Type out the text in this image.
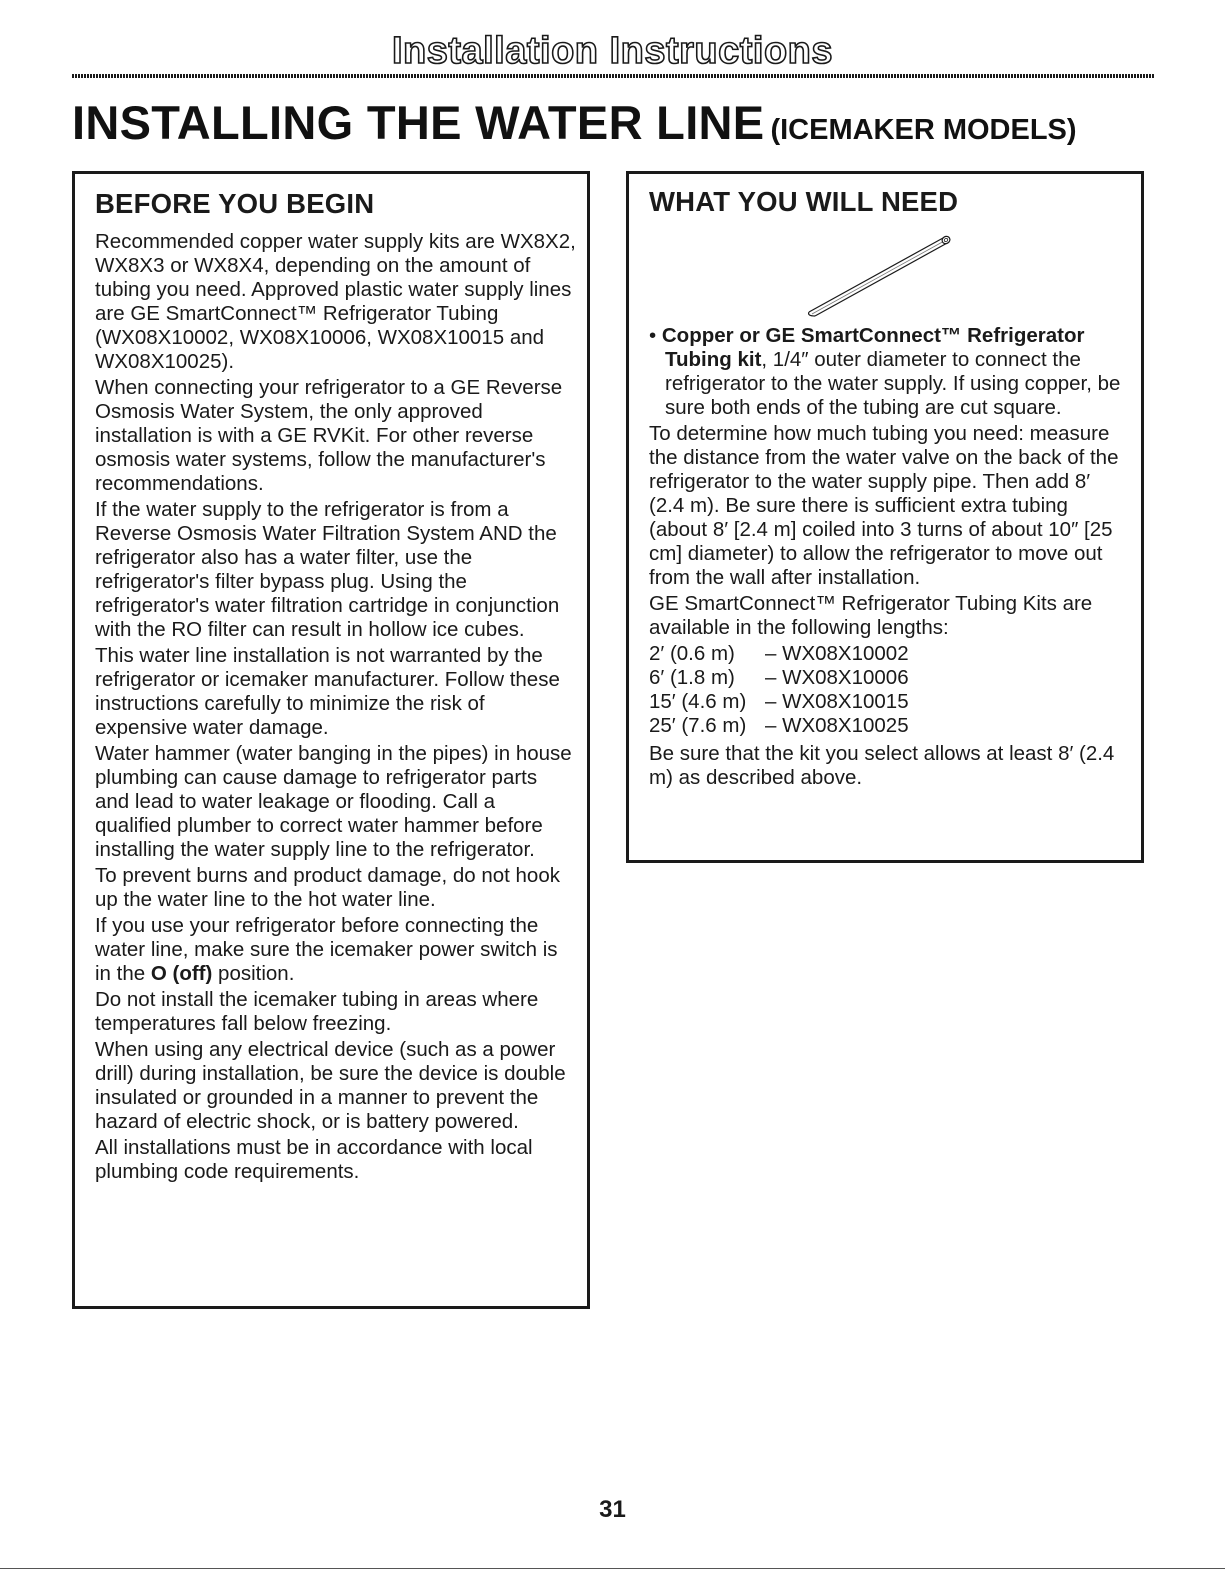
Installation Instructions
INSTALLING THE WATER LINE (ICEMAKER MODELS)
BEFORE YOU BEGIN

Recommended copper water supply kits are WX8X2, WX8X3 or WX8X4, depending on the amount of tubing you need. Approved plastic water supply lines are GE SmartConnect™ Refrigerator Tubing (WX08X10002, WX08X10006, WX08X10015 and WX08X10025).

When connecting your refrigerator to a GE Reverse Osmosis Water System, the only approved installation is with a GE RVKit. For other reverse osmosis water systems, follow the manufacturer's recommendations.

If the water supply to the refrigerator is from a Reverse Osmosis Water Filtration System AND the refrigerator also has a water filter, use the refrigerator's filter bypass plug. Using the refrigerator's water filtration cartridge in conjunction with the RO filter can result in hollow ice cubes.

This water line installation is not warranted by the refrigerator or icemaker manufacturer. Follow these instructions carefully to minimize the risk of expensive water damage.

Water hammer (water banging in the pipes) in house plumbing can cause damage to refrigerator parts and lead to water leakage or flooding. Call a qualified plumber to correct water hammer before installing the water supply line to the refrigerator.

To prevent burns and product damage, do not hook up the water line to the hot water line.

If you use your refrigerator before connecting the water line, make sure the icemaker power switch is in the O (off) position.

Do not install the icemaker tubing in areas where temperatures fall below freezing.

When using any electrical device (such as a power drill) during installation, be sure the device is double insulated or grounded in a manner to prevent the hazard of electric shock, or is battery powered.

All installations must be in accordance with local plumbing code requirements.

WHAT YOU WILL NEED

• Copper or GE SmartConnect™ Refrigerator Tubing kit, 1/4″ outer diameter to connect the refrigerator to the water supply. If using copper, be sure both ends of the tubing are cut square.

To determine how much tubing you need: measure the distance from the water valve on the back of the refrigerator to the water supply pipe. Then add 8′ (2.4 m). Be sure there is sufficient extra tubing (about 8′ [2.4 m] coiled into 3 turns of about 10″ [25 cm] diameter) to allow the refrigerator to move out from the wall after installation.

GE SmartConnect™ Refrigerator Tubing Kits are available in the following lengths:

2′ (0.6 m)	– WX08X10002
6′ (1.8 m)	– WX08X10006
15′ (4.6 m) – WX08X10015
25′ (7.6 m) – WX08X10025

Be sure that the kit you select allows at least 8′ (2.4 m) as described above.

31
